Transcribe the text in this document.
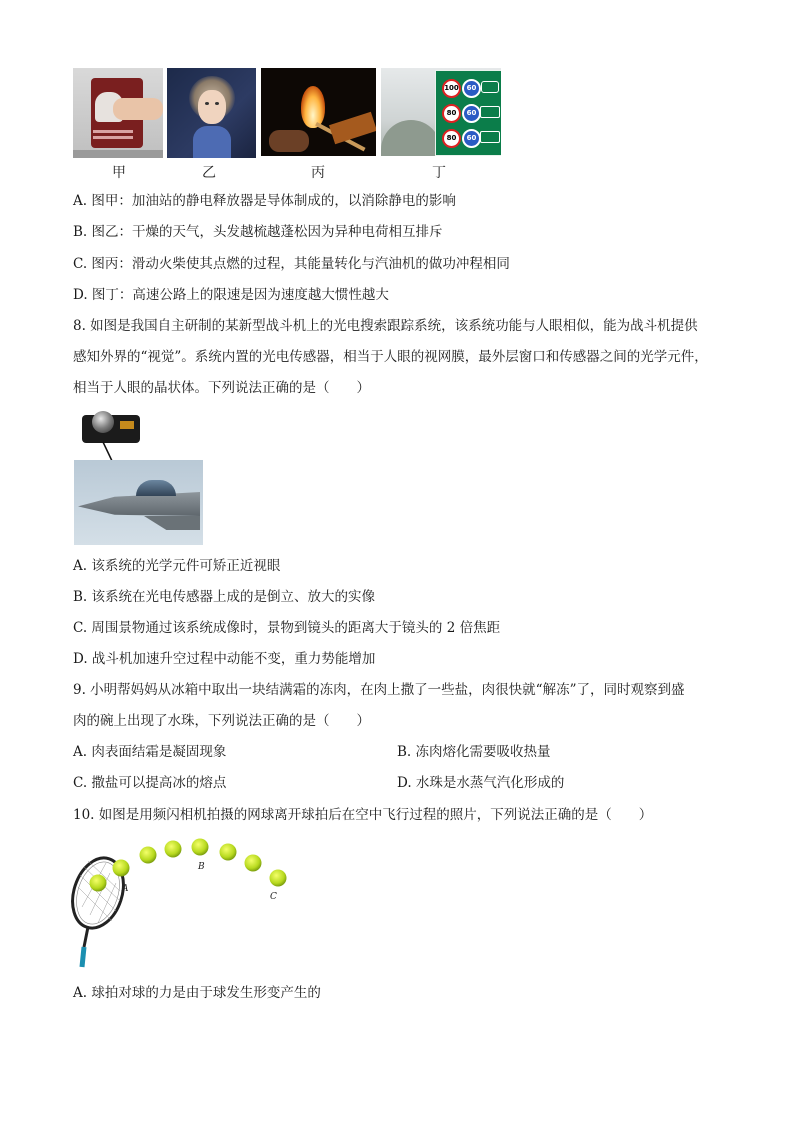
100	60
80	60
80	60
甲	乙	丙	丁
A. 图甲：加油站的静电释放器是导体制成的，以消除静电的影响
B. 图乙：干燥的天气，头发越梳越蓬松因为异种电荷相互排斥
C. 图丙：滑动火柴使其点燃的过程，其能量转化与汽油机的做功冲程相同
D. 图丁：高速公路上的限速是因为速度越大惯性越大
8. 如图是我国自主研制的某新型战斗机上的光电搜索跟踪系统，该系统功能与人眼相似，能为战斗机提供
感知外界的“视觉”。系统内置的光电传感器，相当于人眼的视网膜，最外层窗口和传感器之间的光学元件，
相当于人眼的晶状体。下列说法正确的是（　　）
A. 该系统的光学元件可矫正近视眼
B. 该系统在光电传感器上成的是倒立、放大的实像
C. 周围景物通过该系统成像时，景物到镜头的距离大于镜头的 2 倍焦距
D. 战斗机加速升空过程中动能不变，重力势能增加
9. 小明帮妈妈从冰箱中取出一块结满霜的冻肉，在肉上撒了一些盐，肉很快就“解冻”了，同时观察到盛
肉的碗上出现了水珠，下列说法正确的是（　　）
A. 肉表面结霜是凝固现象	B. 冻肉熔化需要吸收热量
C. 撒盐可以提高冰的熔点	D. 水珠是水蒸气汽化形成的
10. 如图是用频闪相机拍摄的网球离开球拍后在空中飞行过程的照片，下列说法正确的是（　　）
A
B
C
A. 球拍对球的力是由于球发生形变产生的
